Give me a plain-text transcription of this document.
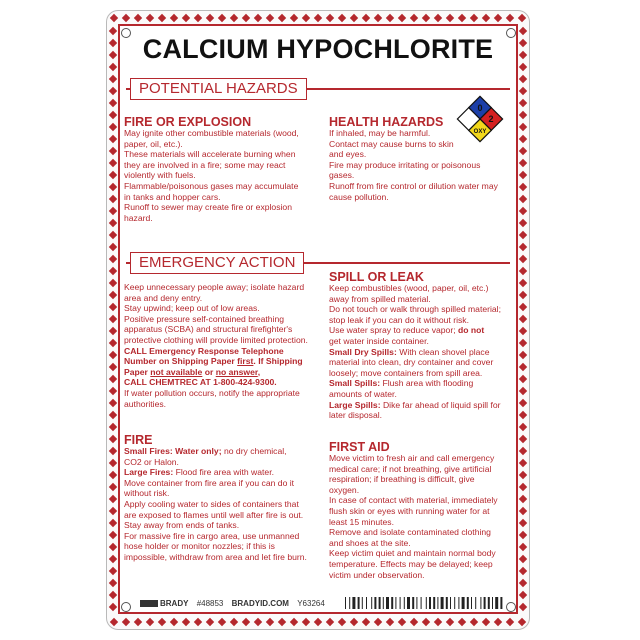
CALCIUM HYPOCHLORITE
POTENTIAL HAZARDS
FIRE OR EXPLOSION

May ignite other combustible materials (wood,

paper, oil, etc.).

These materials will accelerate burning when

they are involved in a fire; some may react

violently with fuels.

Flammable/poisonous gases may accumulate

in tanks and hopper cars.

Runoff to sewer may create fire or explosion

hazard.

HEALTH HAZARDS

If inhaled, may be harmful.

Contact may cause burns to skin

and eyes.

Fire may produce irritating or poisonous

gases.

Runoff from fire control or dilution water may

cause pollution.

3
0
2
OXY
EMERGENCY ACTION

Keep unnecessary people away; isolate hazard

area and deny entry.

Stay upwind; keep out of low areas.

Positive pressure self-contained breathing

apparatus (SCBA) and structural firefighter's

protective clothing will provide limited protection.

CALL Emergency Response Telephone

Number on Shipping Paper first. If Shipping

Paper not available or no answer,

CALL CHEMTREC AT 1-800-424-9300.

If water pollution occurs, notify the appropriate

authorities.

FIRE

Small Fires: Water only; no dry chemical,

CO2 or Halon.

Large Fires: Flood fire area with water.

Move container from fire area if you can do it

without risk.

Apply cooling water to sides of containers that

are exposed to flames until well after fire is out.

Stay away from ends of tanks.

For massive fire in cargo area, use unmanned

hose holder or monitor nozzles; if this is

impossible, withdraw from area and let fire burn.

SPILL OR LEAK

Keep combustibles (wood, paper, oil, etc.)

away from spilled material.

Do not touch or walk through spilled material;

stop leak if you can do it without risk.

Use water spray to reduce vapor; do not

get water inside container.

Small Dry Spills: With clean shovel place

material into clean, dry container and cover

loosely; move containers from spill area.

Small Spills: Flush area with flooding

amounts of water.

Large Spills: Dike far ahead of liquid spill for

later disposal.

FIRST AID

Move victim to fresh air and call emergency

medical care; if not breathing, give artificial

respiration; if breathing is difficult, give

oxygen.

In case of contact with material, immediately

flush skin or eyes with running water for at

least 15 minutes.

Remove and isolate contaminated clothing

and shoes at the site.

Keep victim quiet and maintain normal body

temperature. Effects may be delayed; keep

victim under observation.

BRADY #48853 BRADYID.COM Y63264
